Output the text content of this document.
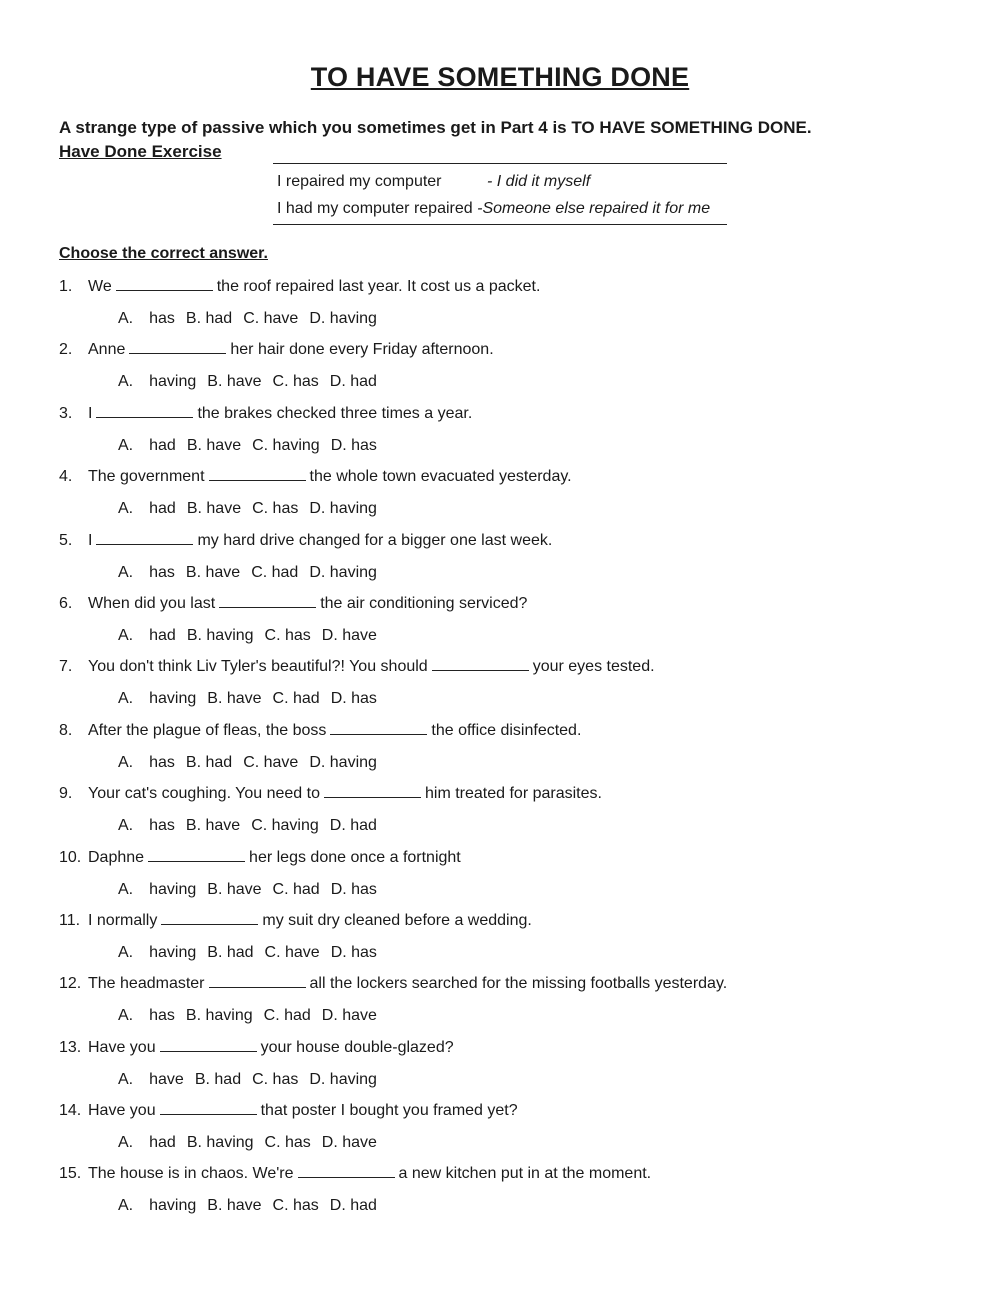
TO HAVE SOMETHING DONE
A strange type of passive which you sometimes get in Part 4 is TO HAVE SOMETHING DONE.
Have Done Exercise
I repaired my computer	- I did it myself
I had my computer repaired -Someone else repaired it for me
Choose the correct answer.
1. We	the roof repaired last year. It cost us a packet.
A. has B. had C. have D. having
2. Anne	her hair done every Friday afternoon.
A. having B. have C. has D. had
3. I	the brakes checked three times a year.
A. had B. have C. having D. has
4. The government	the whole town evacuated yesterday.
A. had B. have C. has D. having
5. I	my hard drive changed for a bigger one last week.
A. has B. have C. had D. having
6. When did you last	the air conditioning serviced?
A. had B. having C. has D. have
7. You don't think Liv Tyler's beautiful?! You should	your eyes tested.
A. having B. have C. had D. has
8. After the plague of fleas, the boss	the office disinfected.
A. has B. had C. have D. having
9. Your cat's coughing. You need to	him treated for parasites.
A. has B. have C. having D. had
10. Daphne	her legs done once a fortnight
A. having B. have C. had D. has
11. I normally	my suit dry cleaned before a wedding.
A. having B. had C. have D. has
12. The headmaster	all the lockers searched for the missing footballs yesterday.
A. has B. having C. had D. have
13. Have you	your house double-glazed?
A. have B. had C. has D. having
14. Have you	that poster I bought you framed yet?
A. had B. having C. has D. have
15. The house is in chaos. We're	a new kitchen put in at the moment.
A. having B. have C. has D. had
